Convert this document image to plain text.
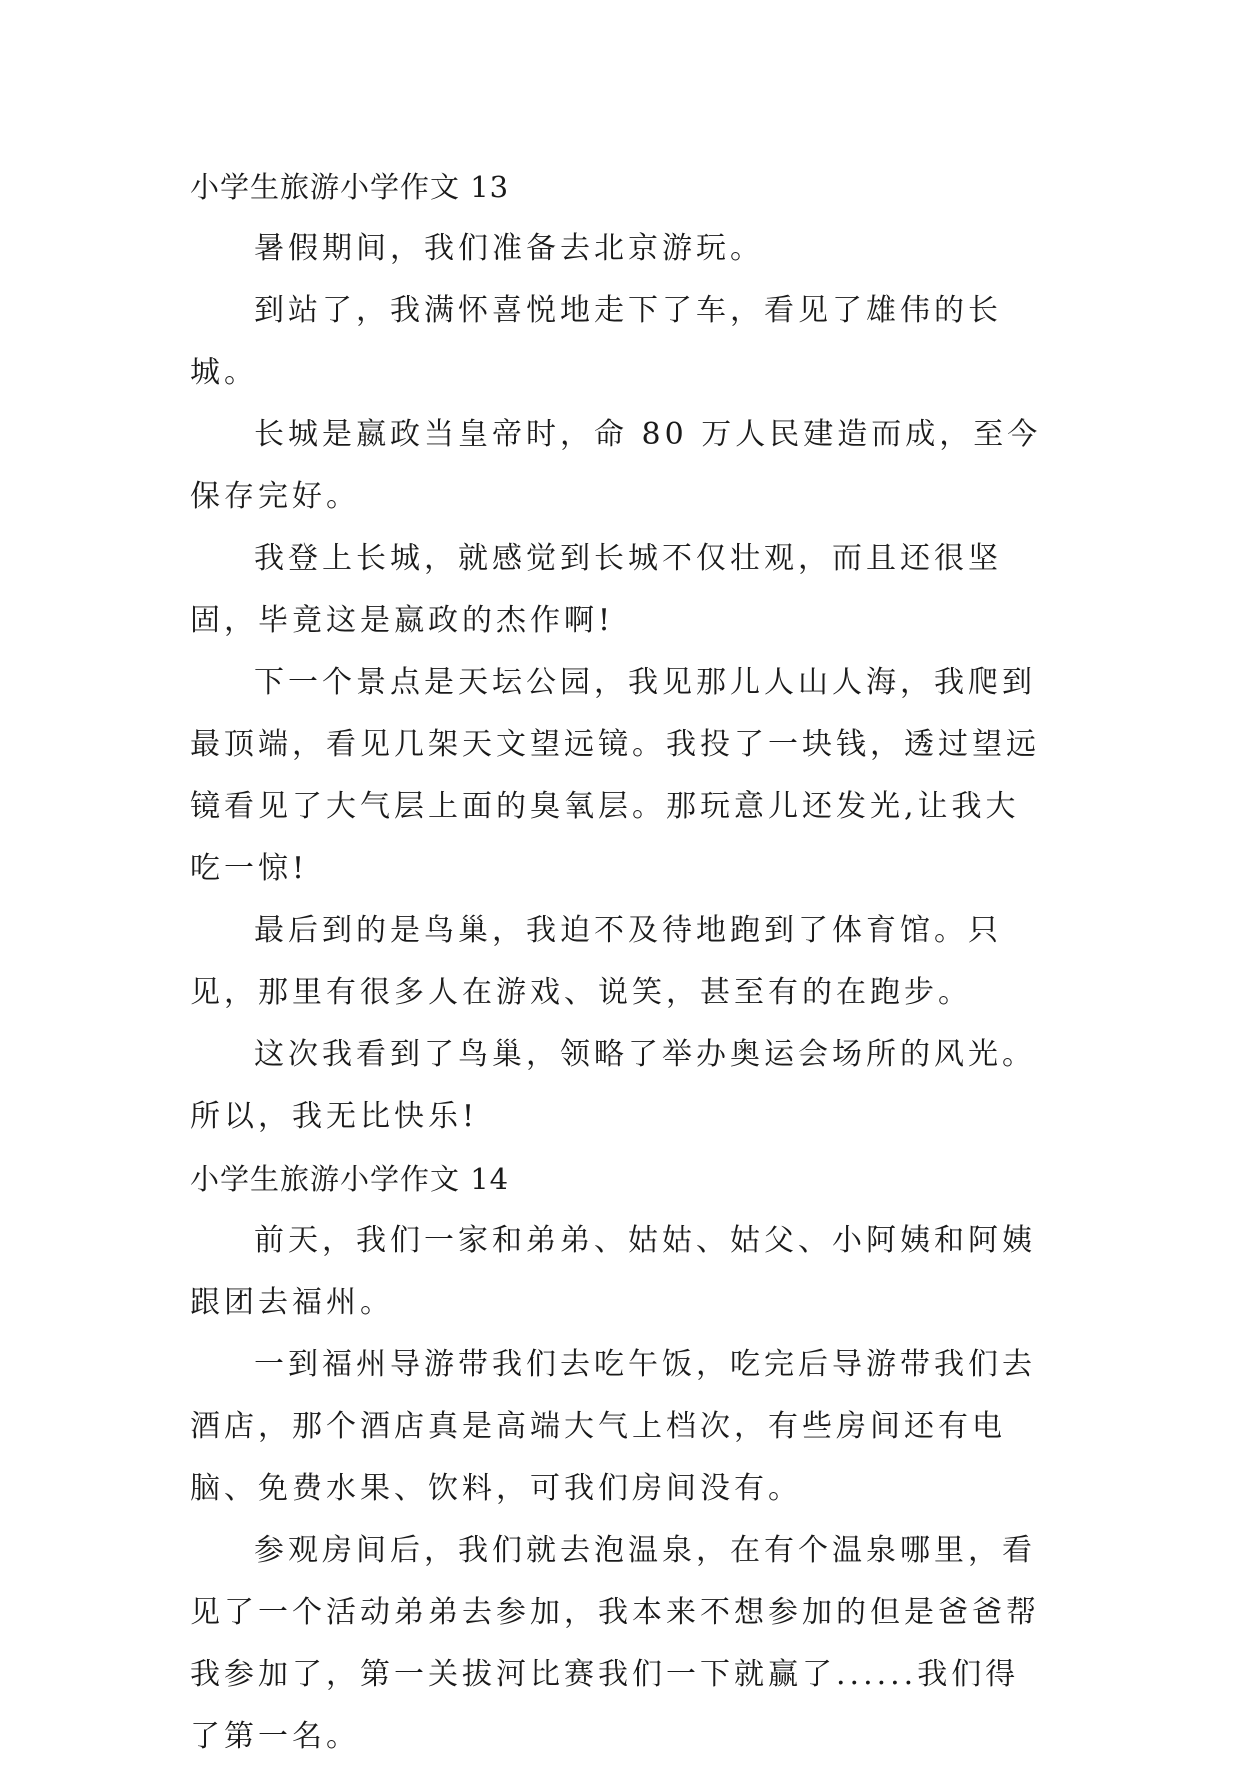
小学生旅游小学作文 13

暑假期间，我们准备去北京游玩。

到站了，我满怀喜悦地走下了车，看见了雄伟的长城。

长城是嬴政当皇帝时，命 80 万人民建造而成，至今保存完好。

我登上长城，就感觉到长城不仅壮观，而且还很坚固，毕竟这是嬴政的杰作啊!

下一个景点是天坛公园，我见那儿人山人海，我爬到最顶端，看见几架天文望远镜。我投了一块钱，透过望远镜看见了大气层上面的臭氧层。那玩意儿还发光,让我大吃一惊!

最后到的是鸟巢，我迫不及待地跑到了体育馆。只见，那里有很多人在游戏、说笑，甚至有的在跑步。

这次我看到了鸟巢，领略了举办奥运会场所的风光。所以，我无比快乐!

小学生旅游小学作文 14

前天，我们一家和弟弟、姑姑、姑父、小阿姨和阿姨跟团去福州。

一到福州导游带我们去吃午饭，吃完后导游带我们去酒店，那个酒店真是高端大气上档次，有些房间还有电脑、免费水果、饮料，可我们房间没有。

参观房间后，我们就去泡温泉，在有个温泉哪里，看见了一个活动弟弟去参加，我本来不想参加的但是爸爸帮我参加了，第一关拔河比赛我们一下就赢了......我们得了第一名。
